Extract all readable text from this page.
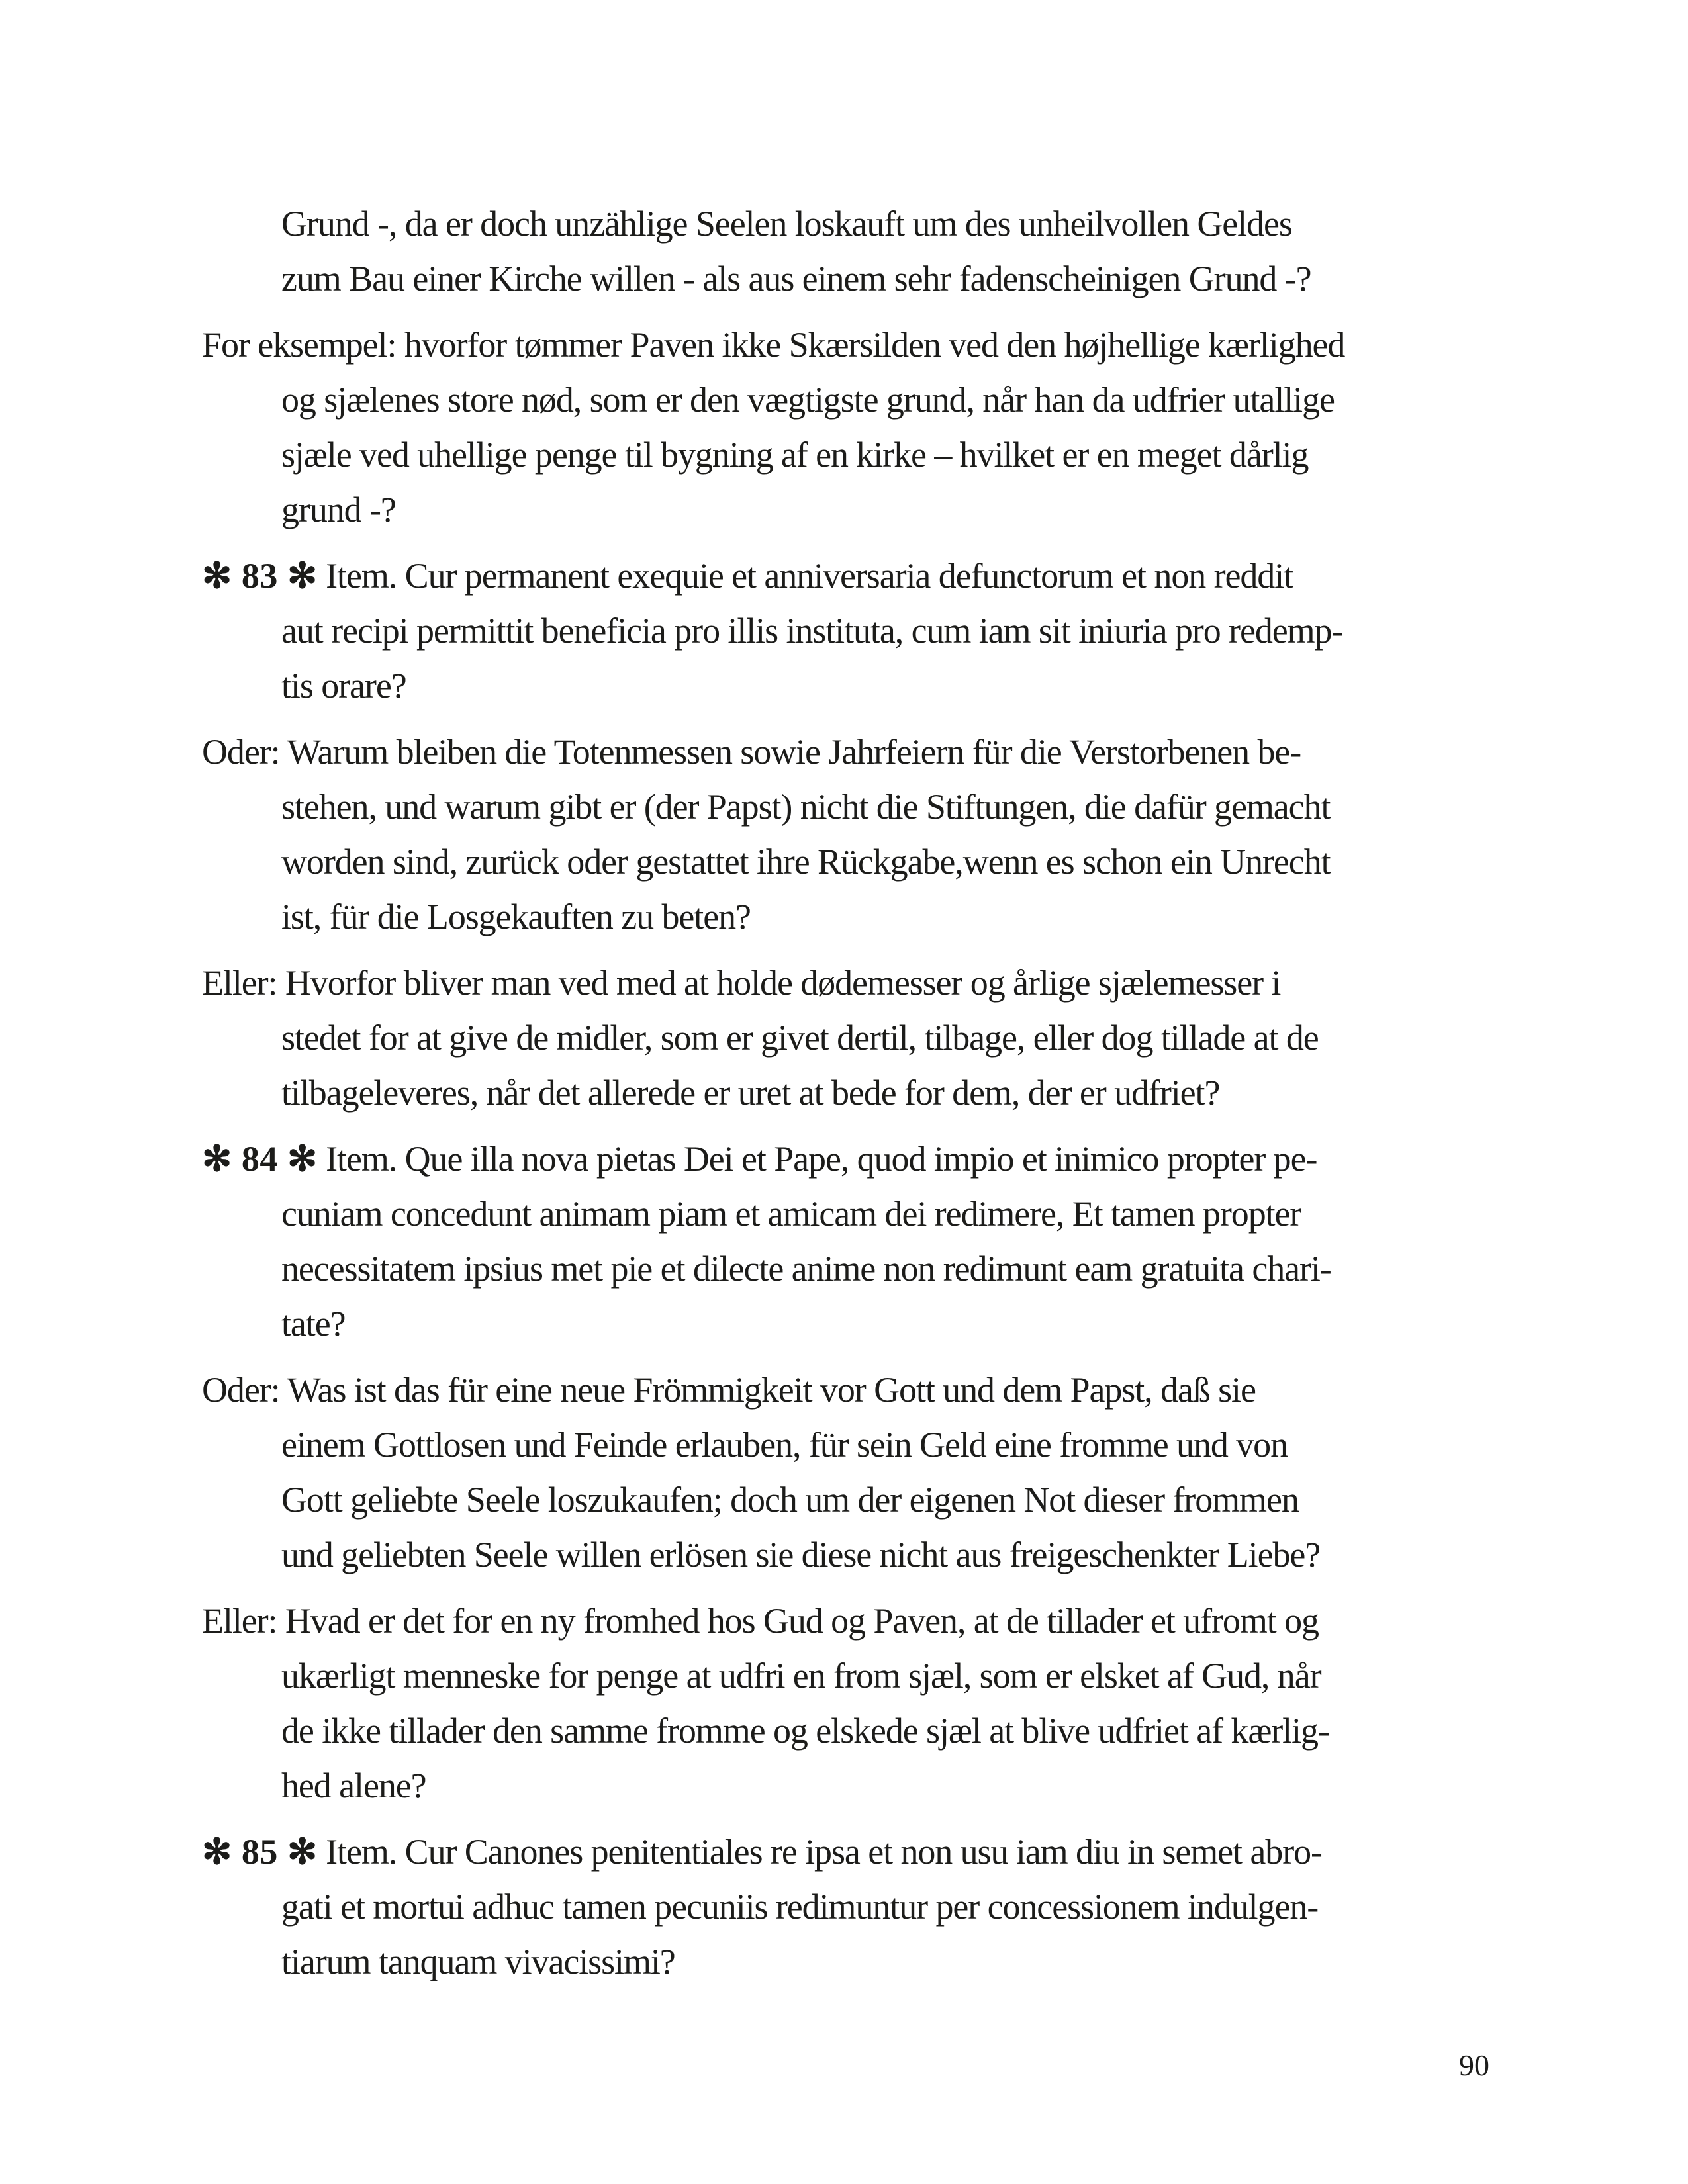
Grund -, da er doch unzählige Seelen loskauft um des unheilvollen Geldes
zum Bau einer Kirche willen - als aus einem sehr fadenscheinigen Grund -?

For eksempel: hvorfor tømmer Paven ikke Skærsilden ved den højhellige kærlighed
og sjælenes store nød, som er den vægtigste grund, når han da udfrier utallige
sjæle ved uhellige penge til bygning af en kirke – hvilket er en meget dårlig
grund -?

✻ 83 ✻ Item. Cur permanent exequie et anniversaria defunctorum et non reddit
aut recipi permittit beneficia pro illis instituta, cum iam sit iniuria pro redemp-
tis orare?

Oder: Warum bleiben die Totenmessen sowie Jahrfeiern für die Verstorbenen be-
stehen, und warum gibt er (der Papst) nicht die Stiftungen, die dafür gemacht
worden sind, zurück oder gestattet ihre Rückgabe,wenn es schon ein Unrecht
ist, für die Losgekauften zu beten?

Eller: Hvorfor bliver man ved med at holde dødemesser og årlige sjælemesser i
stedet for at give de midler, som er givet dertil, tilbage, eller dog tillade at de
tilbageleveres, når det allerede er uret at bede for dem, der er udfriet?

✻ 84 ✻ Item. Que illa nova pietas Dei et Pape, quod impio et inimico propter pe-
cuniam concedunt animam piam et amicam dei redimere, Et tamen propter
necessitatem ipsius met pie et dilecte anime non redimunt eam gratuita chari-
tate?

Oder: Was ist das für eine neue Frömmigkeit vor Gott und dem Papst, daß sie
einem Gottlosen und Feinde erlauben, für sein Geld eine fromme und von
Gott geliebte Seele loszukaufen; doch um der eigenen Not dieser frommen
und geliebten Seele willen erlösen sie diese nicht aus freigeschenkter Liebe?

Eller: Hvad er det for en ny fromhed hos Gud og Paven, at de tillader et ufromt og
ukærligt menneske for penge at udfri en from sjæl, som er elsket af Gud, når
de ikke tillader den samme fromme og elskede sjæl at blive udfriet af kærlig-
hed alene?

✻ 85 ✻ Item. Cur Canones penitentiales re ipsa et non usu iam diu in semet abro-
gati et mortui adhuc tamen pecuniis redimuntur per concessionem indulgen-
tiarum tanquam vivacissimi?

90
